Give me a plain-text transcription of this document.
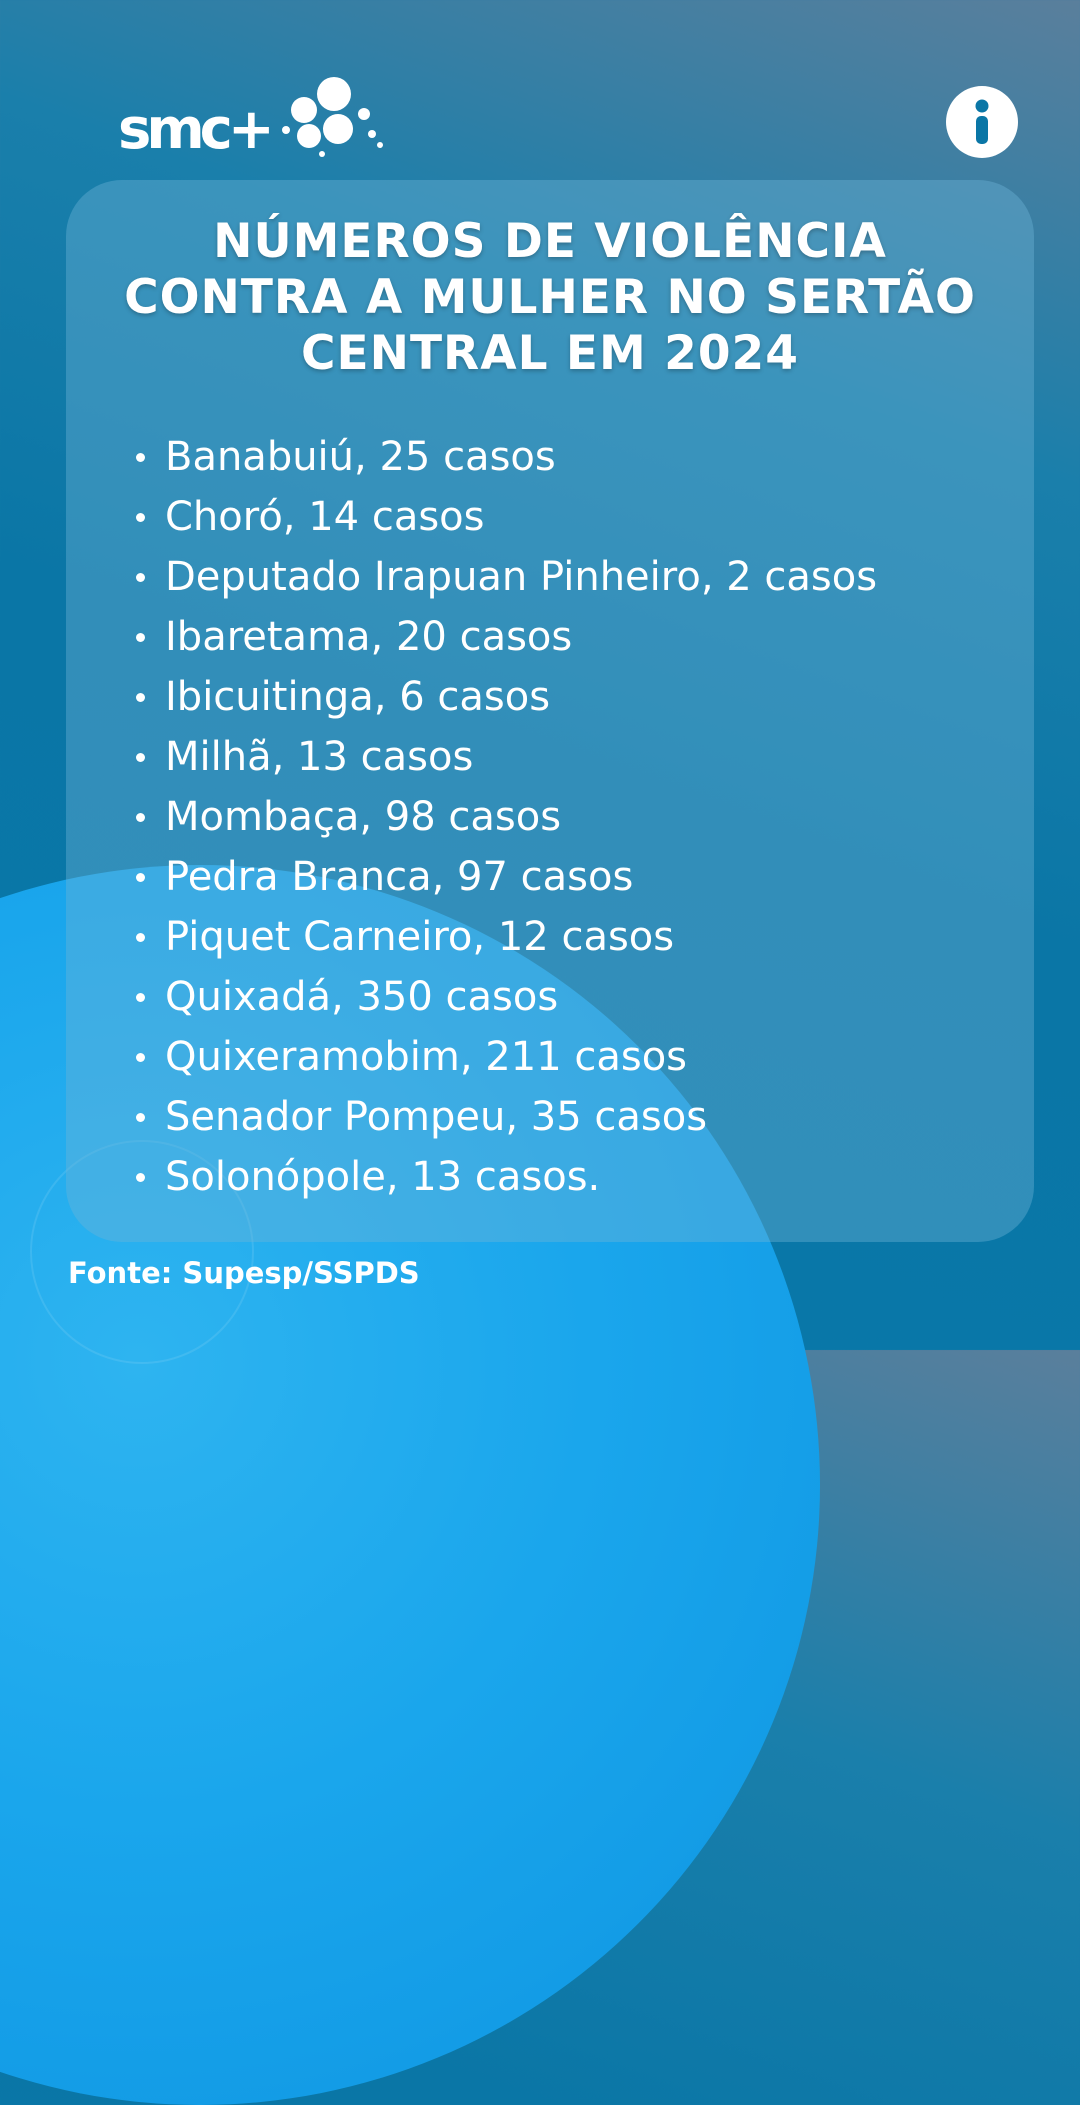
smc+
NÚMEROS DE VIOLÊNCIA
CONTRA A MULHER NO SERTÃO
CENTRAL EM 2024
Banabuiú, 25 casos
Choró, 14 casos
Deputado Irapuan Pinheiro, 2 casos
Ibaretama, 20 casos
Ibicuitinga, 6 casos
Milhã, 13 casos
Mombaça, 98 casos
Pedra Branca, 97 casos
Piquet Carneiro, 12 casos
Quixadá, 350 casos
Quixeramobim, 211 casos
Senador Pompeu, 35 casos
Solonópole, 13 casos.
Fonte: Supesp/SSPDS
